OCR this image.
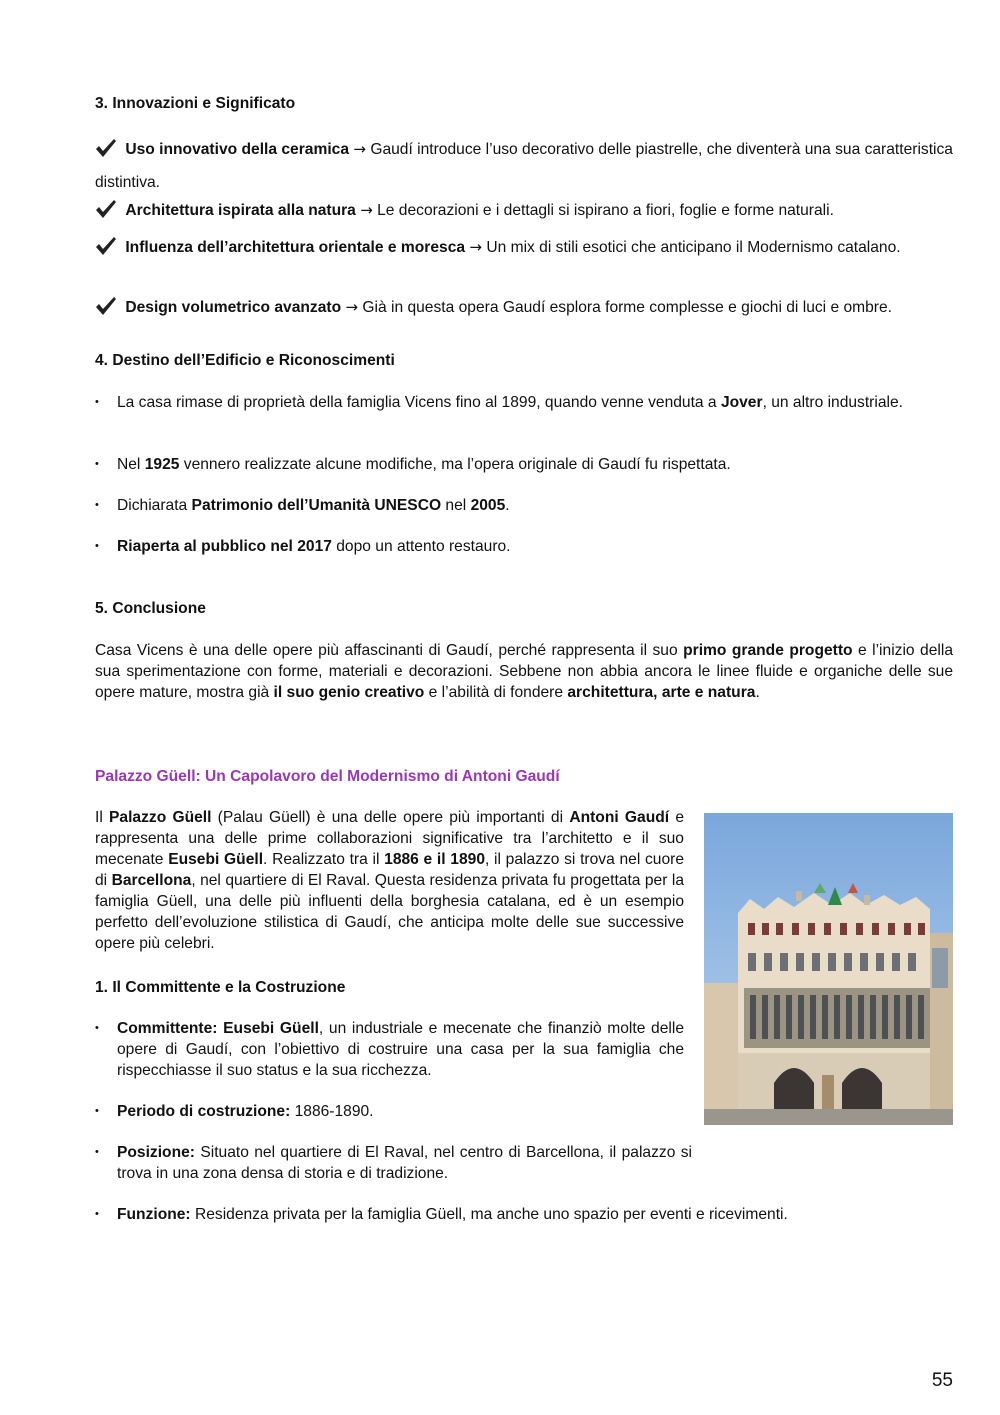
3. Innovazioni e Significato
Uso innovativo della ceramica → Gaudí introduce l’uso decorativo delle piastrelle, che diventerà una sua caratteristica distintiva.
Architettura ispirata alla natura → Le decorazioni e i dettagli si ispirano a fiori, foglie e forme naturali.
Influenza dell’architettura orientale e moresca → Un mix di stili esotici che anticipano il Modernismo catalano.
Design volumetrico avanzato → Già in questa opera Gaudí esplora forme complesse e giochi di luci e ombre.
4. Destino dell’Edificio e Riconoscimenti
•	La casa rimase di proprietà della famiglia Vicens fino al 1899, quando venne venduta a Jover, un altro industriale.
•	Nel 1925 vennero realizzate alcune modifiche, ma l’opera originale di Gaudí fu rispettata.
•	Dichiarata Patrimonio dell’Umanità UNESCO nel 2005.
•	Riaperta al pubblico nel 2017 dopo un attento restauro.
5. Conclusione
Casa Vicens è una delle opere più affascinanti di Gaudí, perché rappresenta il suo primo grande progetto e l’inizio della sua sperimentazione con forme, materiali e decorazioni. Sebbene non abbia ancora le linee fluide e organiche delle sue opere mature, mostra già il suo genio creativo e l’abilità di fondere architettura, arte e natura.
Palazzo Güell: Un Capolavoro del Modernismo di Antoni Gaudí
Il Palazzo Güell (Palau Güell) è una delle opere più importanti di Antoni Gaudí e rappresenta una delle prime collaborazioni significative tra l’architetto e il suo mecenate Eusebi Güell. Realizzato tra il 1886 e il 1890, il palazzo si trova nel cuore di Barcellona, nel quartiere di El Raval. Questa residenza privata fu progettata per la famiglia Güell, una delle più influenti della borghesia catalana, ed è un esempio perfetto dell’evoluzione stilistica di Gaudí, che anticipa molte delle sue successive opere più celebri.
1. Il Committente e la Costruzione
•	Committente: Eusebi Güell, un industriale e mecenate che finanziò molte delle opere di Gaudí, con l’obiettivo di costruire una casa per la sua famiglia che rispecchiasse il suo status e la sua ricchezza.
•	Periodo di costruzione: 1886-1890.
•	Posizione: Situato nel quartiere di El Raval, nel centro di Barcellona, il palazzo si trova in una zona densa di storia e di tradizione.
•	Funzione: Residenza privata per la famiglia Güell, ma anche uno spazio per eventi e ricevimenti.
55
